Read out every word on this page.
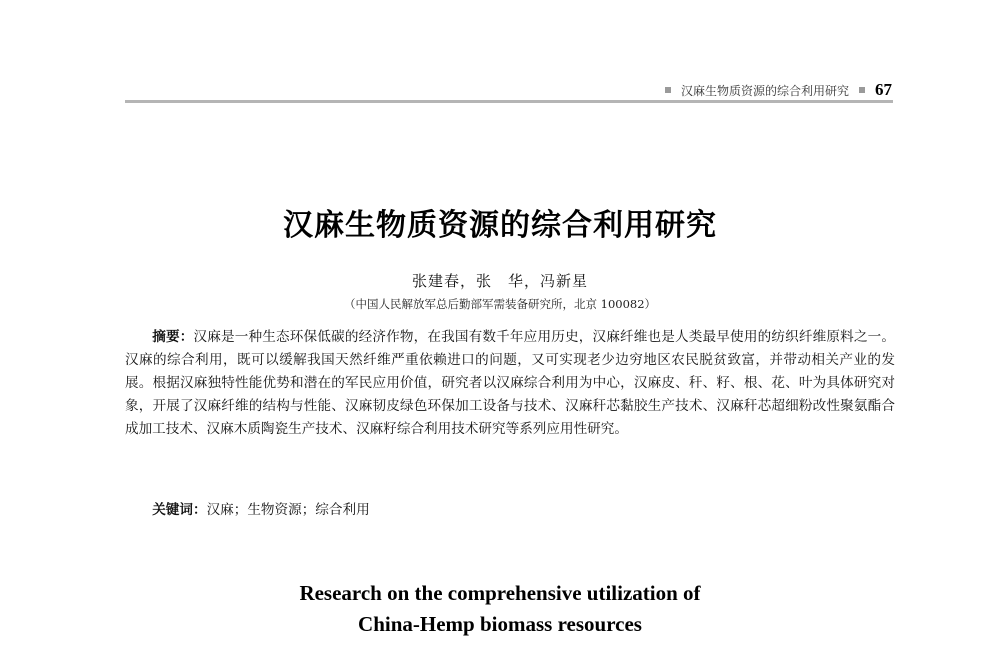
汉麻生物质资源的综合利用研究 67
汉麻生物质资源的综合利用研究
张建春，张　华，冯新星
（中国人民解放军总后勤部军需装备研究所，北京 100082）
摘要：汉麻是一种生态环保低碳的经济作物，在我国有数千年应用历史，汉麻纤维也是人类最早使用的纺织纤维原料之一。汉麻的综合利用，既可以缓解我国天然纤维严重依赖进口的问题，又可实现老少边穷地区农民脱贫致富，并带动相关产业的发展。根据汉麻独特性能优势和潜在的军民应用价值，研究者以汉麻综合利用为中心，汉麻皮、秆、籽、根、花、叶为具体研究对象，开展了汉麻纤维的结构与性能、汉麻韧皮绿色环保加工设备与技术、汉麻秆芯黏胶生产技术、汉麻秆芯超细粉改性聚氨酯合成加工技术、汉麻木质陶瓷生产技术、汉麻籽综合利用技术研究等系列应用性研究。
关键词：汉麻；生物资源；综合利用
Research on the comprehensive utilization of
China-Hemp biomass resources
